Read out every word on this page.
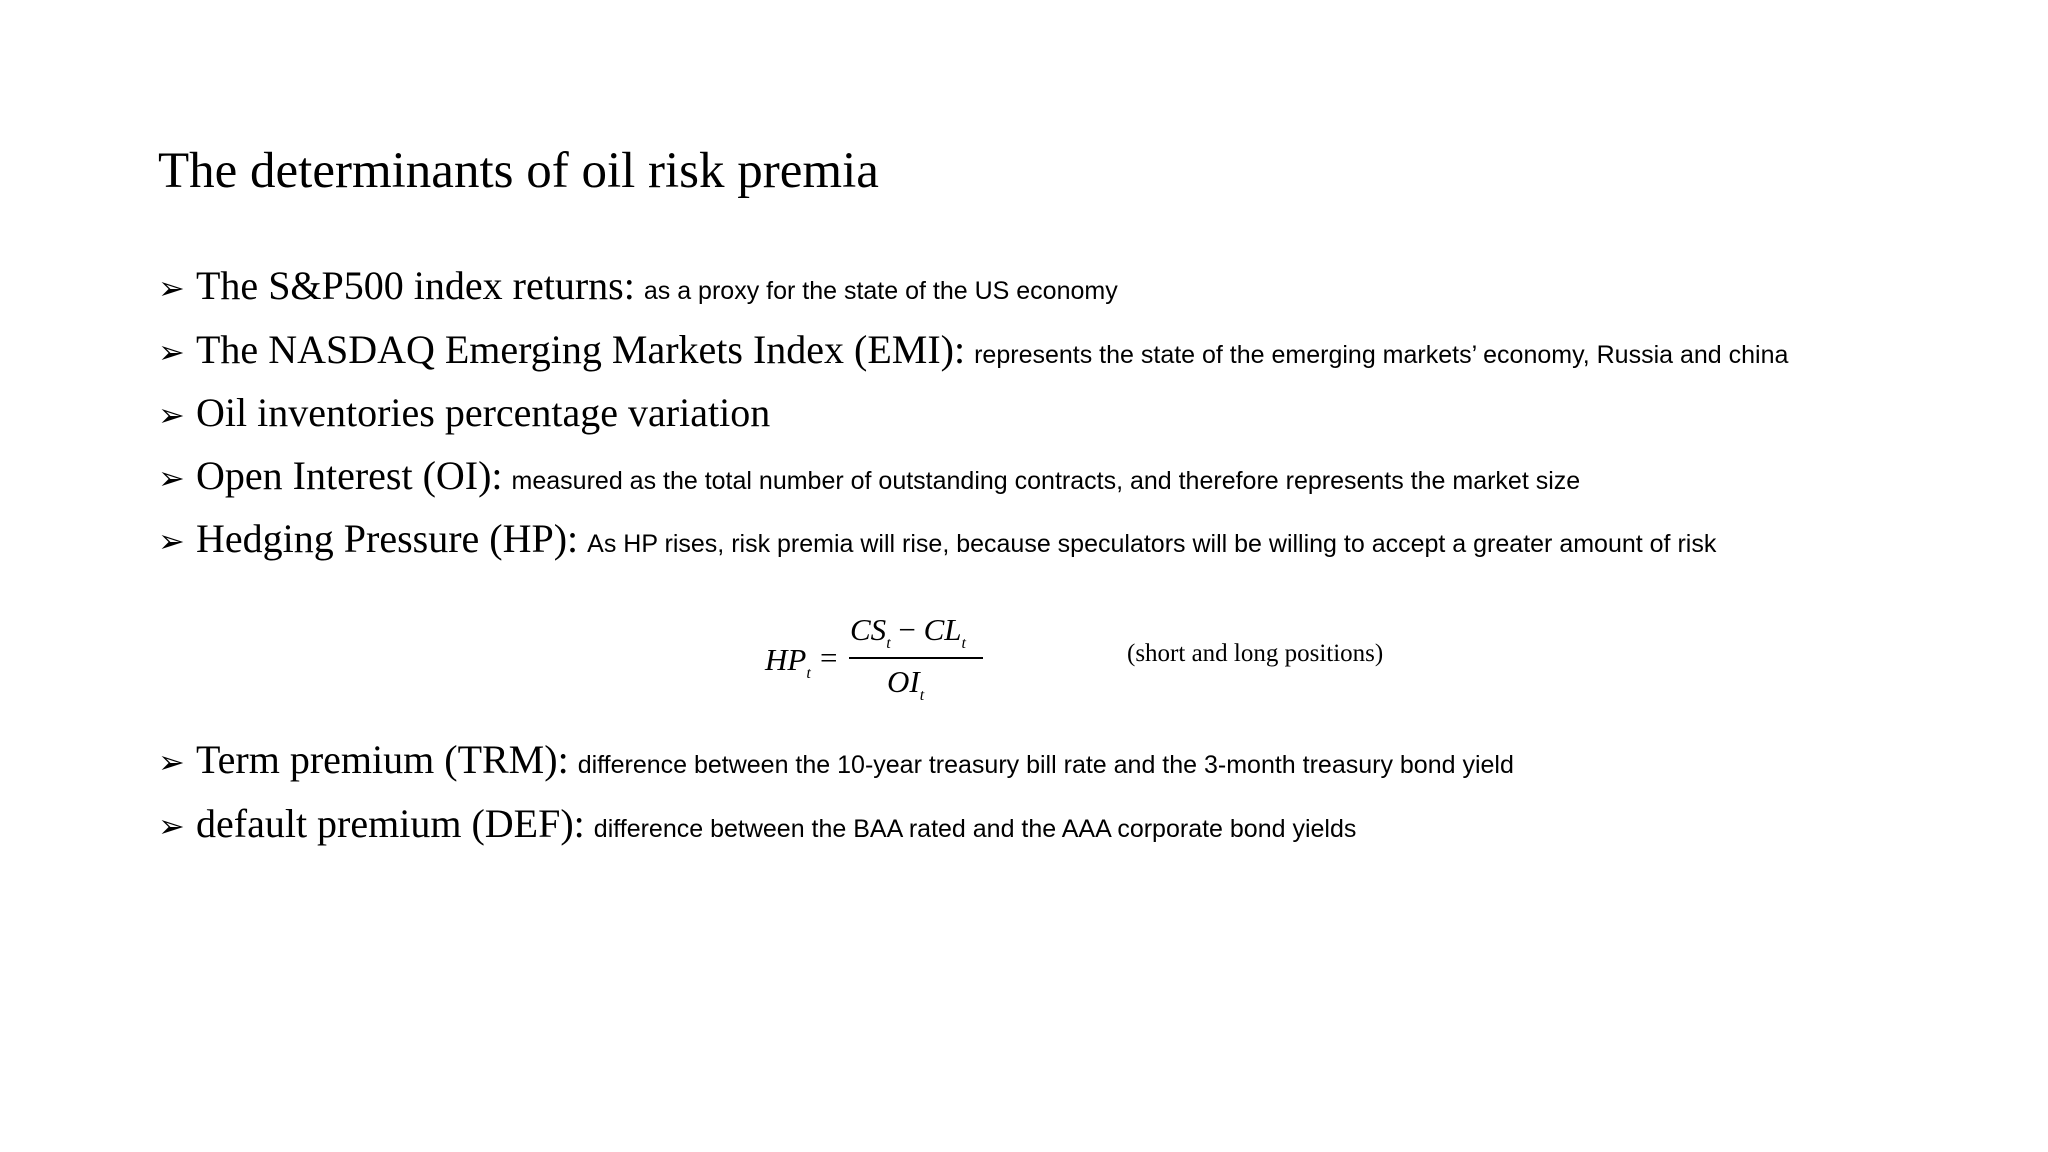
The determinants of oil risk premia
➢ The S&P500 index returns: as a proxy for the state of the US economy
➢ The NASDAQ Emerging Markets Index (EMI): represents the state of the emerging markets’ economy, Russia and china
➢ Oil inventories percentage variation
➢ Open Interest (OI): measured as the total number of outstanding contracts, and therefore represents the market size
➢ Hedging Pressure (HP): As HP rises, risk premia will rise, because speculators will be willing to accept a greater amount of risk
$HP_t$ =
$CS_t - CL_t$
$OI_t$
(short and long positions)
➢ Term premium (TRM): difference between the 10-year treasury bill rate and the 3-month treasury bond yield
➢ default premium (DEF): difference between the BAA rated and the AAA corporate bond yields
